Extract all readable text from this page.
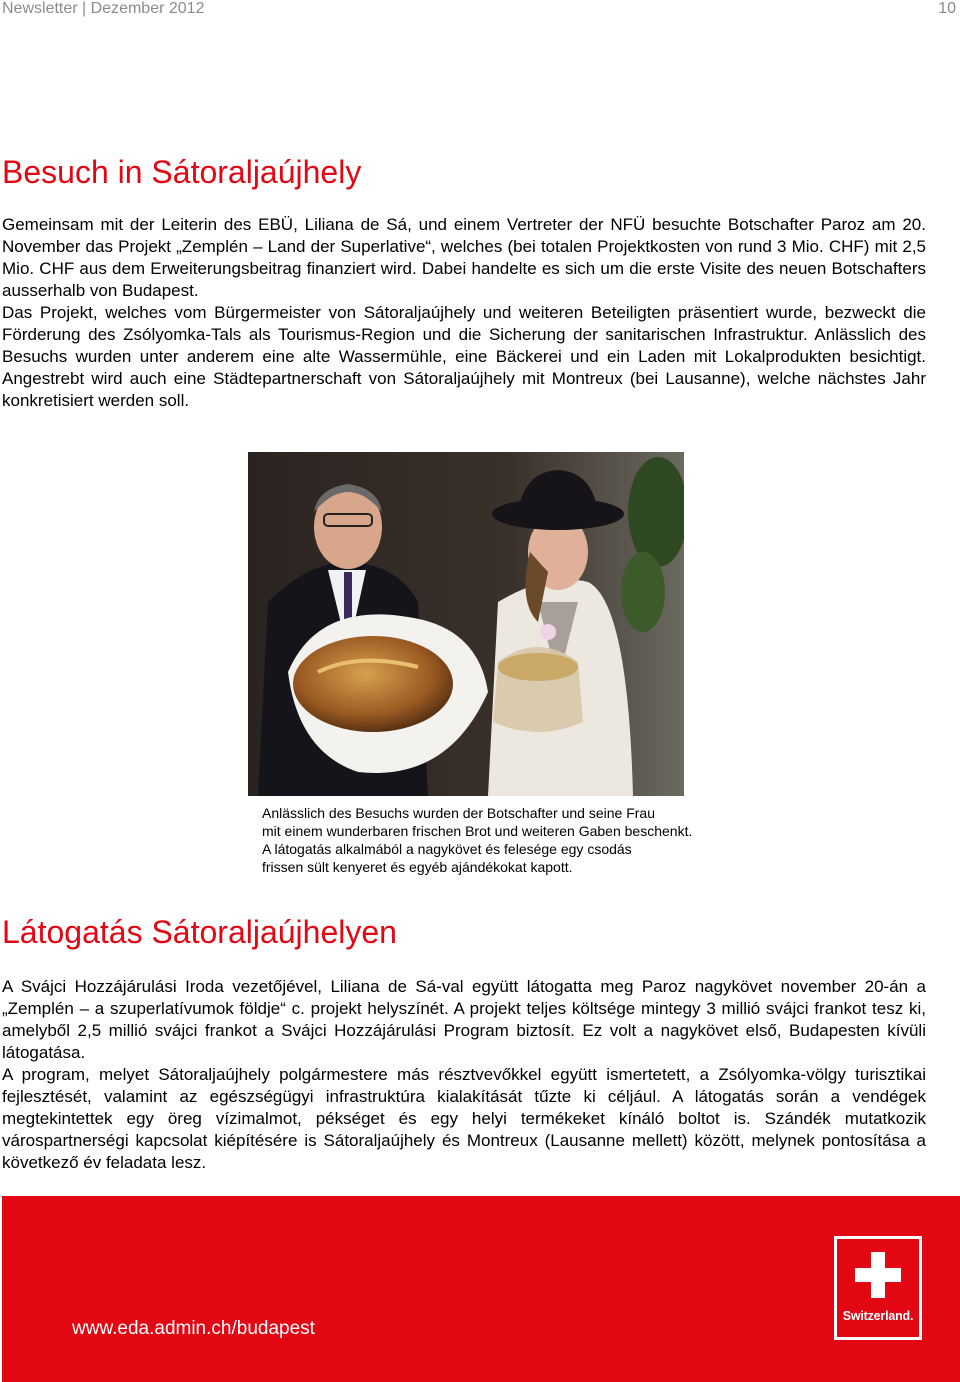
Newsletter | Dezember 2012	10
Besuch in Sátoraljaújhely

Gemeinsam mit der Leiterin des EBÜ, Liliana de Sá, und einem Vertreter der NFÜ besuchte Botschafter Paroz am 20. November das Projekt „Zemplén – Land der Superlative“, welches (bei totalen Projektkosten von rund 3 Mio. CHF) mit 2,5 Mio. CHF aus dem Erweiterungsbeitrag finanziert wird. Dabei handelte es sich um die erste Visite des neuen Botschafters ausserhalb von Budapest.

Das Projekt, welches vom Bürgermeister von Sátoraljaújhely und weiteren Beteiligten präsentiert wurde, bezweckt die Förderung des Zsólyomka-Tals als Tourismus-Region und die Sicherung der sanitarischen Infrastruktur. Anlässlich des Besuchs wurden unter anderem eine alte Wassermühle, eine Bäckerei und ein Laden mit Lokalprodukten besichtigt. Angestrebt wird auch eine Städtepartnerschaft von Sátoraljaújhely mit Montreux (bei Lausanne), welche nächstes Jahr konkretisiert werden soll.

Anlässlich des Besuchs wurden der Botschafter und seine Frau
mit einem wunderbaren frischen Brot und weiteren Gaben beschenkt.
A látogatás alkalmából a nagykövet és felesége egy csodás
frissen sült kenyeret és egyéb ajándékokat kapott.
Látogatás Sátoraljaújhelyen

A Svájci Hozzájárulási Iroda vezetőjével, Liliana de Sá-val együtt látogatta meg Paroz nagykövet november 20-án a „Zemplén – a szuperlatívumok földje“ c. projekt helyszínét. A projekt teljes költsége mintegy 3 millió svájci frankot tesz ki, amelyből 2,5 millió svájci frankot a Svájci Hozzájárulási Program biztosít. Ez volt a nagykövet első, Budapesten kívüli látogatása.

A program, melyet Sátoraljaújhely polgármestere más résztvevőkkel együtt ismertetett, a Zsólyomka-völgy turisztikai fejlesztését, valamint az egészségügyi infrastruktúra kialakítását tűzte ki céljául. A látogatás során a vendégek megtekintettek egy öreg vízimalmot, pékséget és egy helyi termékeket kínáló boltot is. Szándék mutatkozik várospartnerségi kapcsolat kiépítésére is Sátoraljaújhely és Montreux (Lausanne mellett) között, melynek pontosítása a következő év feladata lesz.

www.eda.admin.ch/budapest
Switzerland.
